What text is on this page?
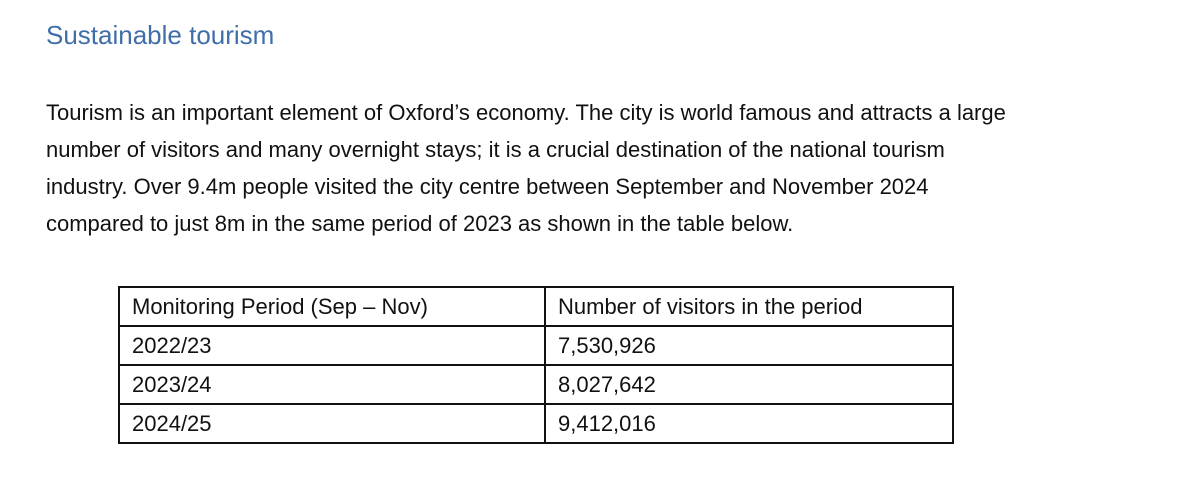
Sustainable tourism

Tourism is an important element of Oxford’s economy. The city is world famous and attracts a large
number of visitors and many overnight stays; it is a crucial destination of the national tourism
industry. Over 9.4m people visited the city centre between September and November 2024
compared to just 8m in the same period of 2023 as shown in the table below.

Monitoring Period (Sep – Nov)	Number of visitors in the period
2022/23	7,530,926
2023/24	8,027,642
2024/25	9,412,016
